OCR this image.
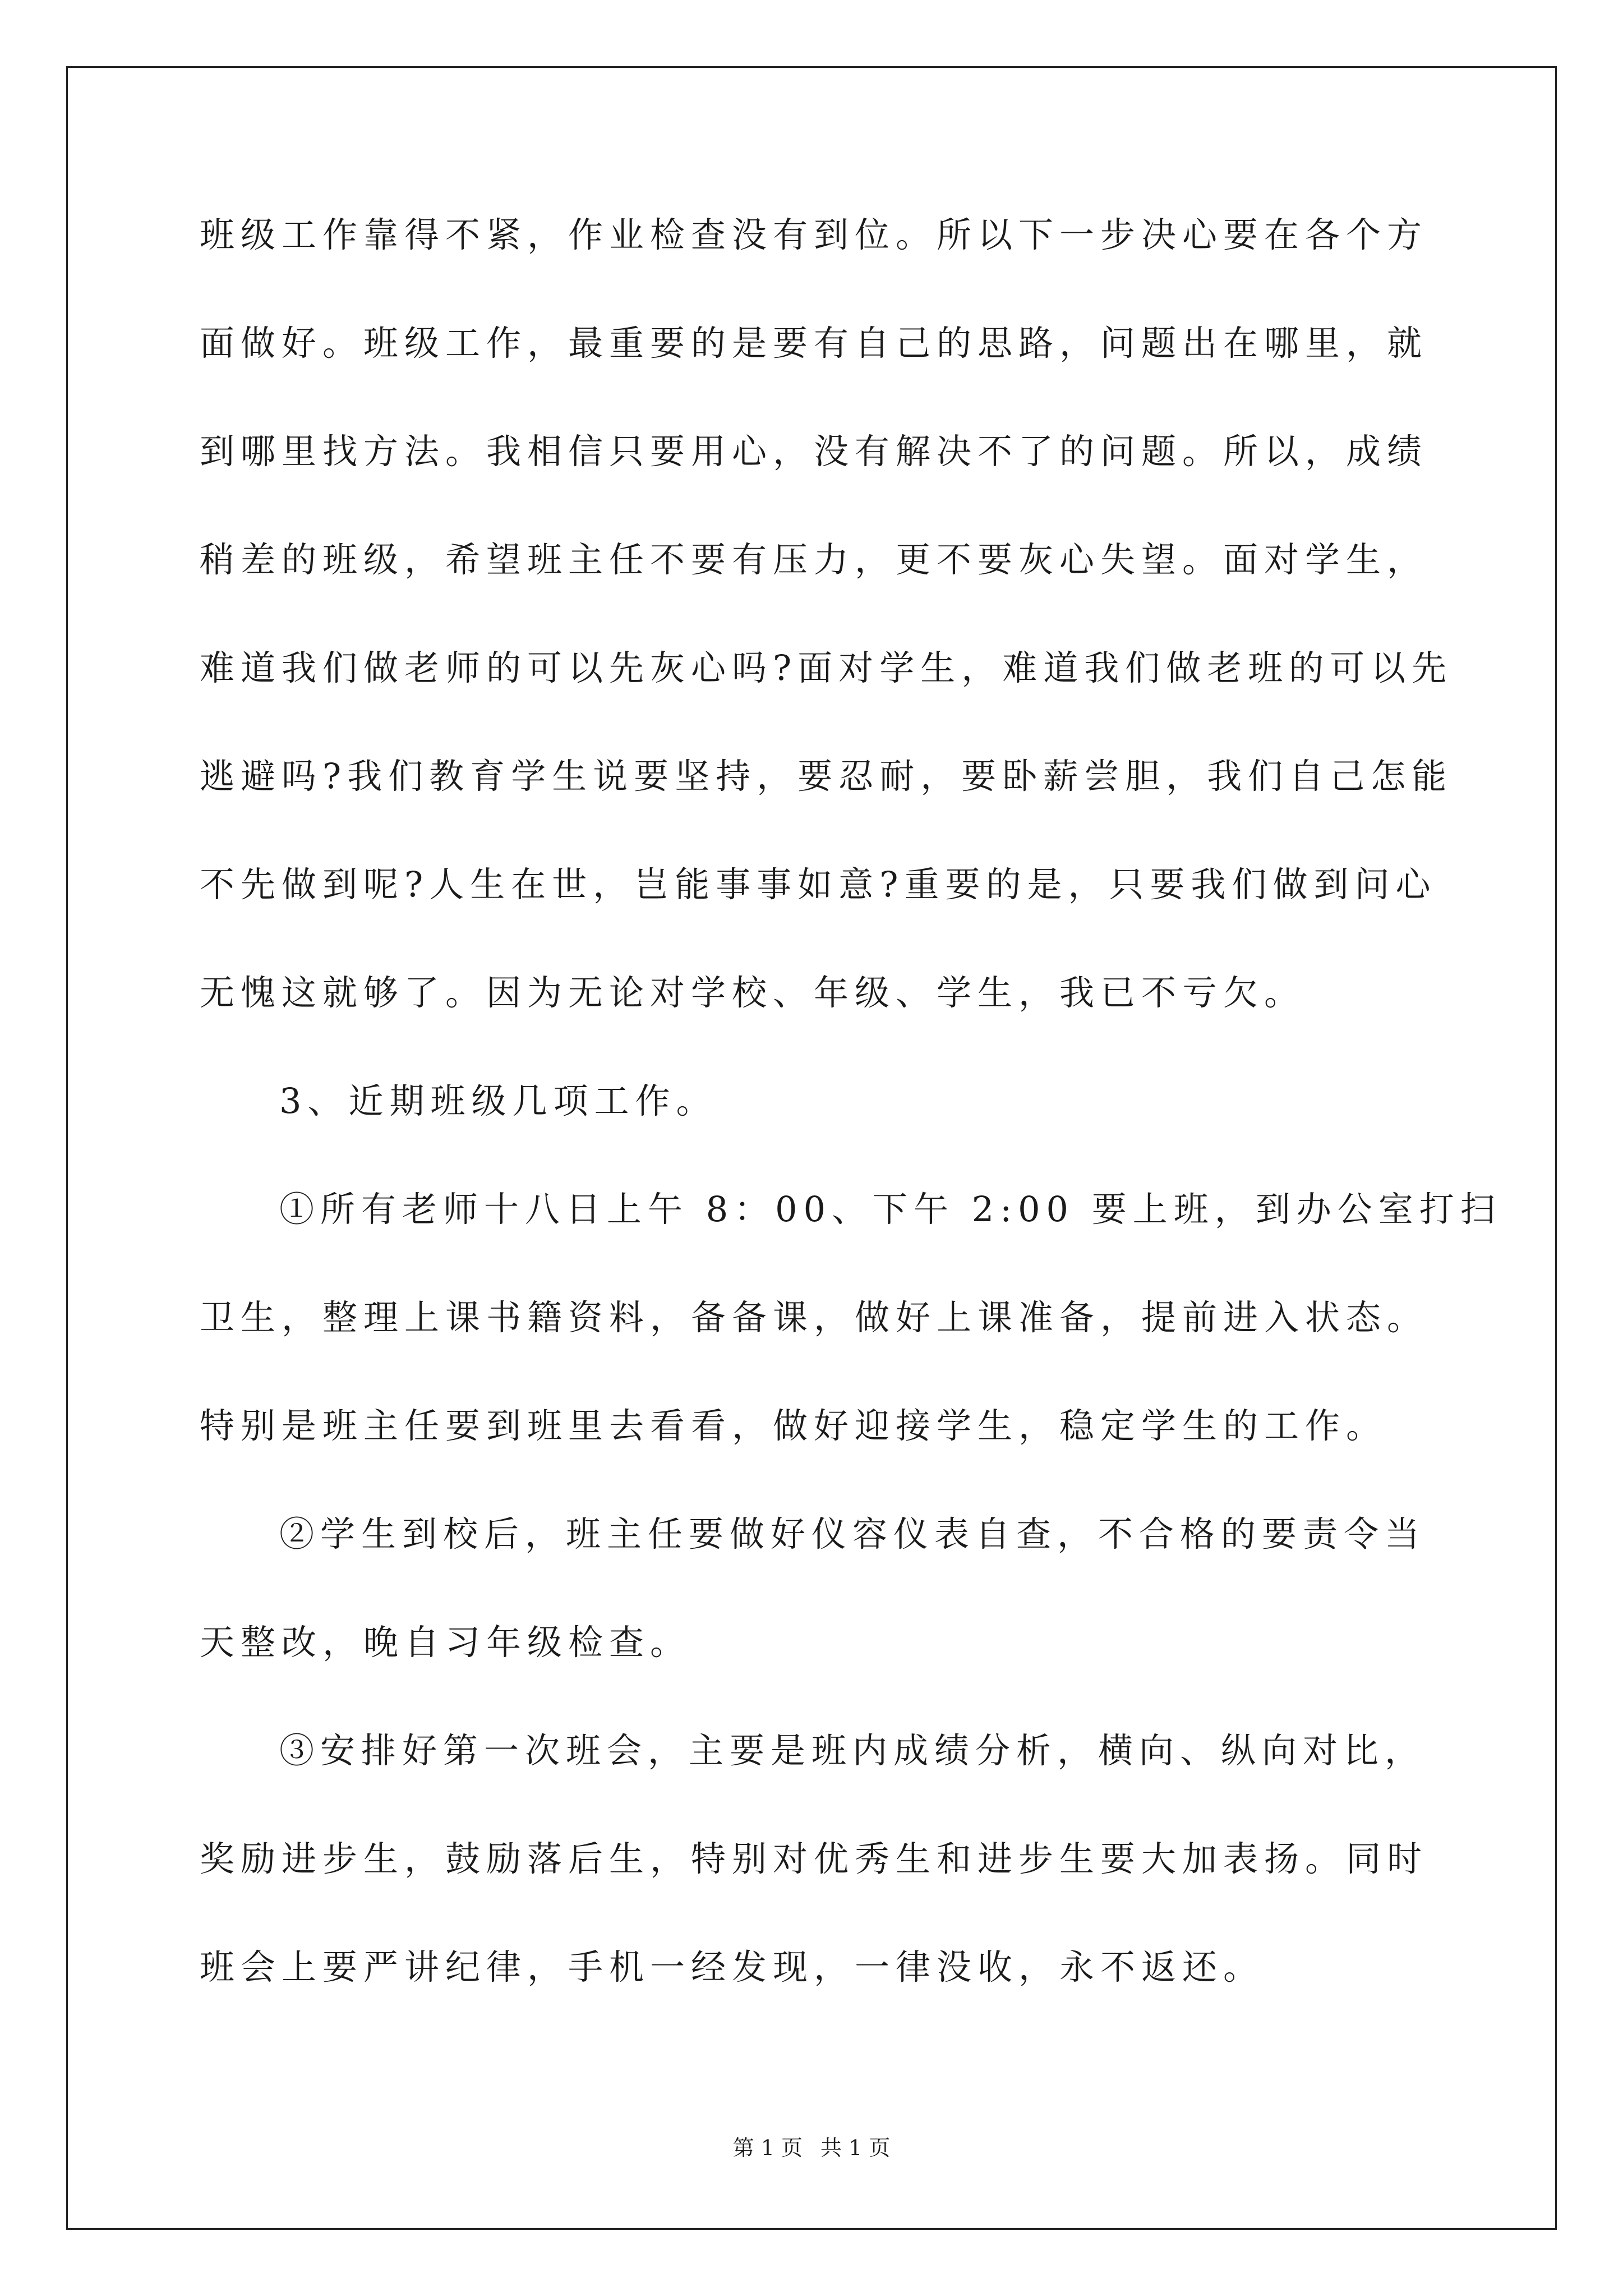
班级工作靠得不紧，作业检查没有到位。所以下一步决心要在各个方
面做好。班级工作，最重要的是要有自己的思路，问题出在哪里，就
到哪里找方法。我相信只要用心，没有解决不了的问题。所以，成绩
稍差的班级，希望班主任不要有压力，更不要灰心失望。面对学生，
难道我们做老师的可以先灰心吗?面对学生，难道我们做老班的可以先
逃避吗?我们教育学生说要坚持，要忍耐，要卧薪尝胆，我们自己怎能
不先做到呢?人生在世，岂能事事如意?重要的是，只要我们做到问心
无愧这就够了。因为无论对学校、年级、学生，我已不亏欠。
3、近期班级几项工作。
①所有老师十八日上午 8：00、下午 2:00 要上班，到办公室打扫
卫生，整理上课书籍资料，备备课，做好上课准备，提前进入状态。
特别是班主任要到班里去看看，做好迎接学生，稳定学生的工作。
②学生到校后，班主任要做好仪容仪表自查，不合格的要责令当
天整改，晚自习年级检查。
③安排好第一次班会，主要是班内成绩分析，横向、纵向对比，
奖励进步生，鼓励落后生，特别对优秀生和进步生要大加表扬。同时
班会上要严讲纪律，手机一经发现，一律没收，永不返还。
第 1 页 共 1 页
